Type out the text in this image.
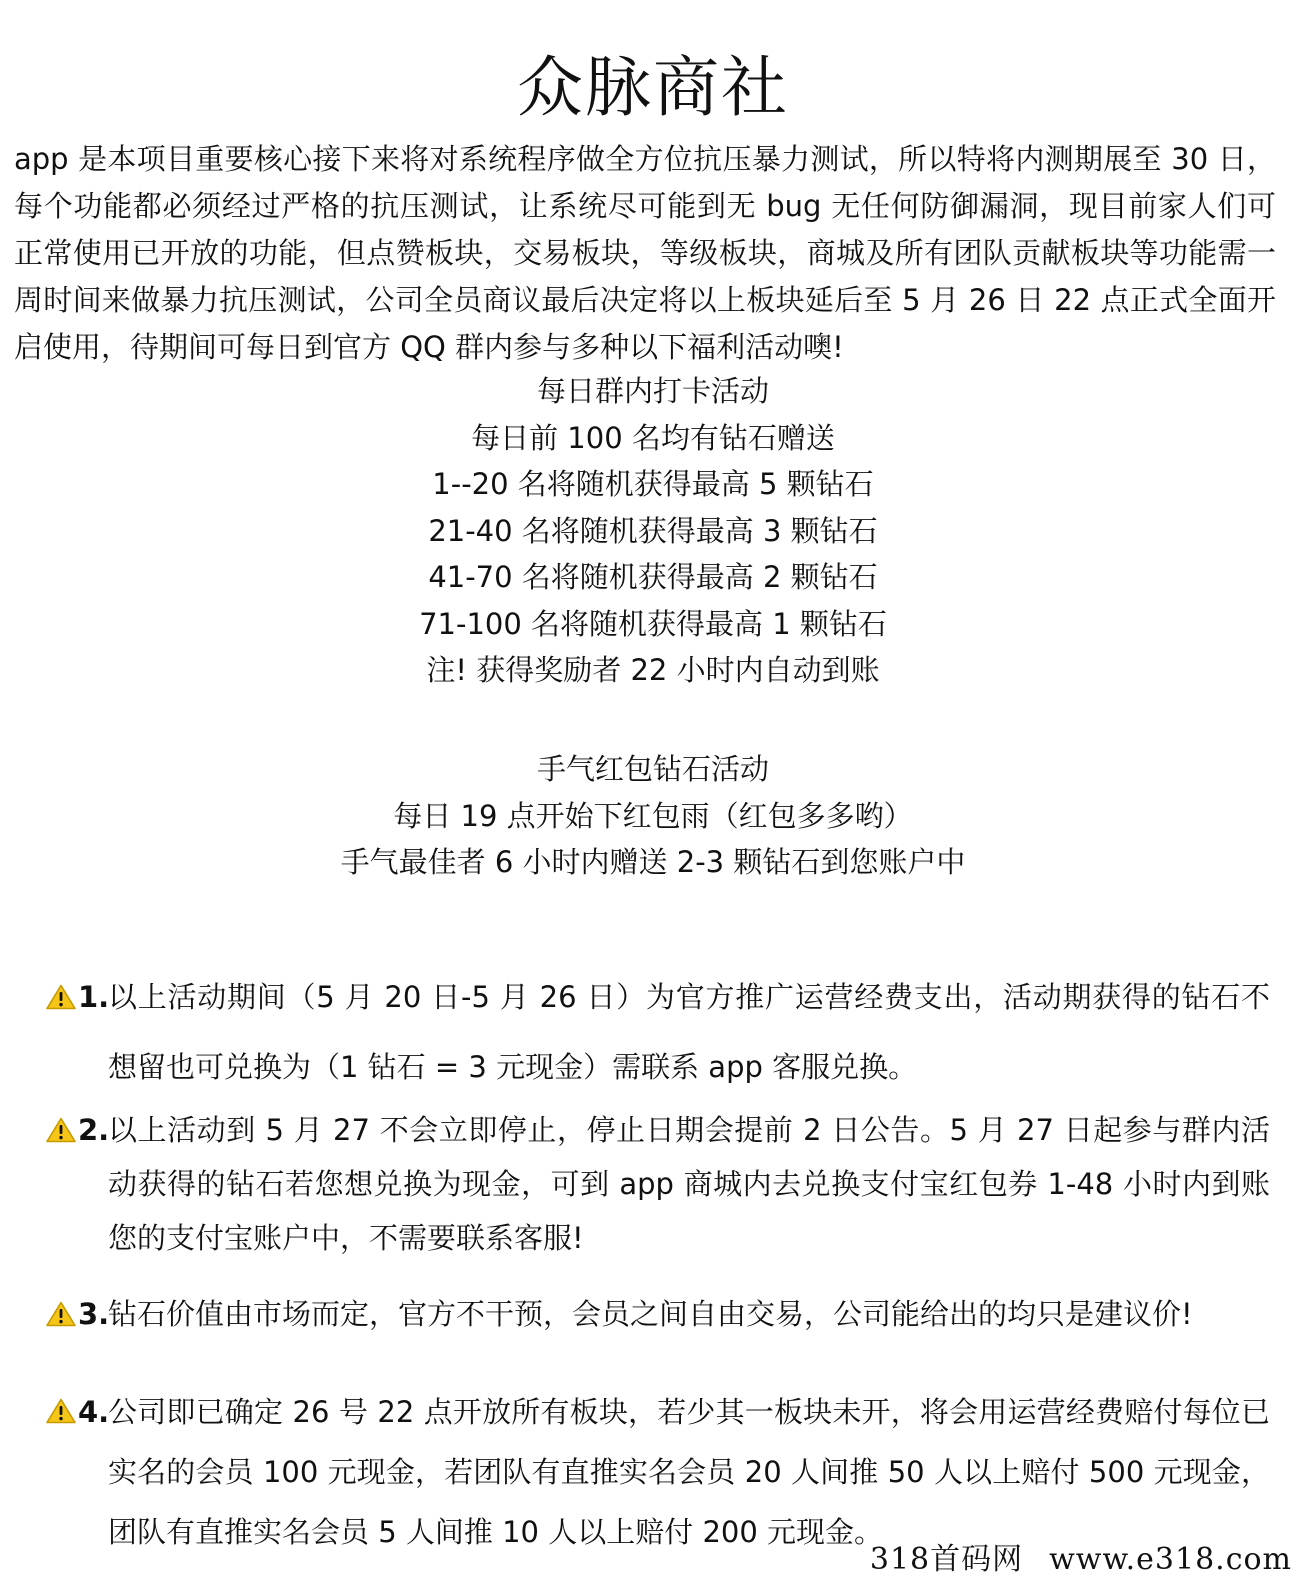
众脉商社

app 是本项目重要核心接下来将对系统程序做全方位抗压暴力测试，所以特将内测期展至 30 日，每个功能都必须经过严格的抗压测试，让系统尽可能到无 bug 无任何防御漏洞，现目前家人们可正常使用已开放的功能，但点赞板块，交易板块，等级板块，商城及所有团队贡献板块等功能需一周时间来做暴力抗压测试，公司全员商议最后决定将以上板块延后至 5 月 26 日 22 点正式全面开启使用，待期间可每日到官方 QQ 群内参与多种以下福利活动噢!

每日群内打卡活动
每日前 100 名均有钻石赠送
1--20 名将随机获得最高 5 颗钻石
21-40 名将随机获得最高 3 颗钻石
41-70 名将随机获得最高 2 颗钻石
71-100 名将随机获得最高 1 颗钻石
注! 获得奖励者 22 小时内自动到账
手气红包钻石活动
每日 19 点开始下红包雨（红包多多哟）
手气最佳者 6 小时内赠送 2-3 颗钻石到您账户中
1.
以上活动期间（5 月 20 日-5 月 26 日）为官方推广运营经费支出，活动期获得的钻石不想留也可兑换为（1 钻石 = 3 元现金）需联系 app 客服兑换。
2.
以上活动到 5 月 27 不会立即停止，停止日期会提前 2 日公告。5 月 27 日起参与群内活动获得的钻石若您想兑换为现金，可到 app 商城内去兑换支付宝红包券 1-48 小时内到账您的支付宝账户中，不需要联系客服!
3.
钻石价值由市场而定，官方不干预，会员之间自由交易，公司能给出的均只是建议价!
4.
公司即已确定 26 号 22 点开放所有板块，若少其一板块未开，将会用运营经费赔付每位已实名的会员 100 元现金，若团队有直推实名会员 20 人间推 50 人以上赔付 500 元现金，团队有直推实名会员 5 人间推 10 人以上赔付 200 元现金。
318首码网 www.e318.com
